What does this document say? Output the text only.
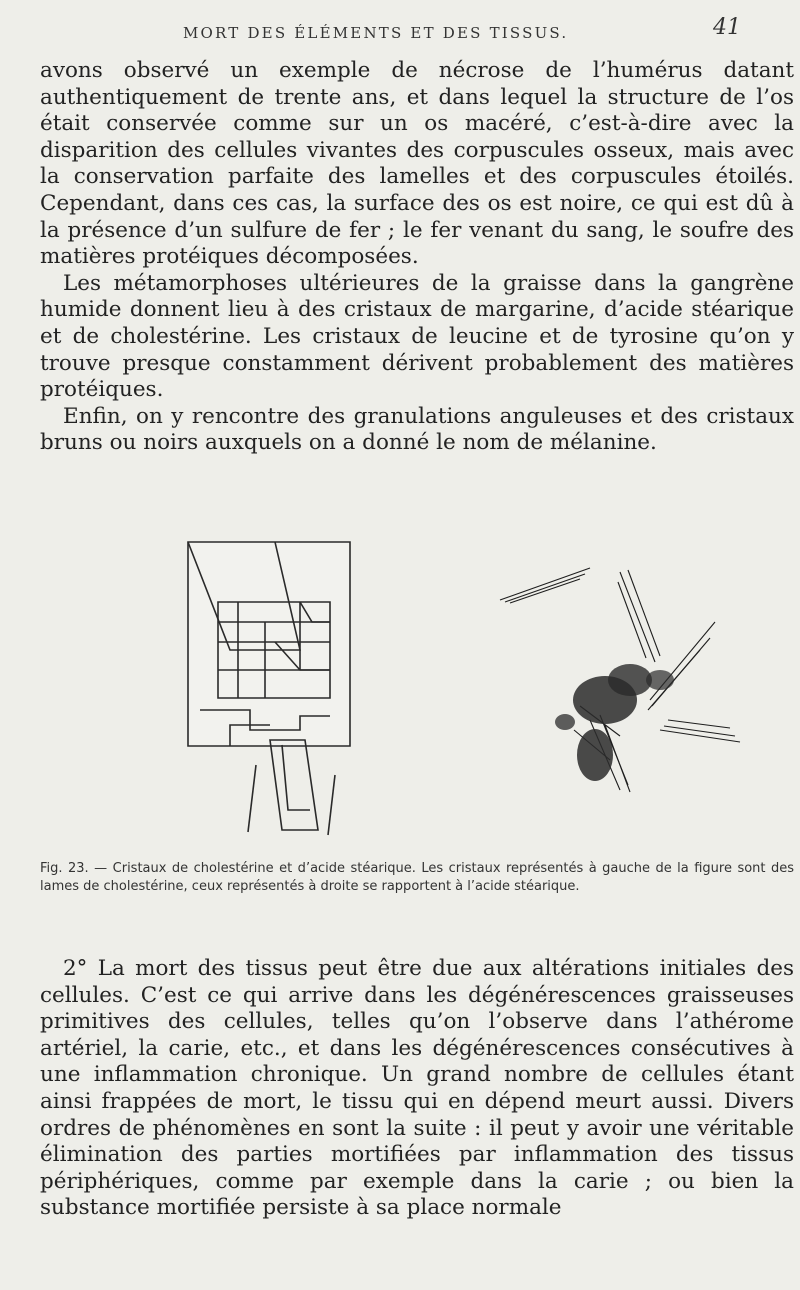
MORT DES ÉLÉMENTS ET DES TISSUS.	41

avons observé un exemple de nécrose de l’humérus datant authentiquement de trente ans, et dans lequel la structure de l’os était conservée comme sur un os macéré, c’est-à-dire avec la disparition des cellules vivantes des corpuscules osseux, mais avec la conservation parfaite des lamelles et des corpuscules étoilés. Cependant, dans ces cas, la surface des os est noire, ce qui est dû à la présence d’un sulfure de fer ; le fer venant du sang, le soufre des matières protéiques décomposées.

Les métamorphoses ultérieures de la graisse dans la gangrène humide donnent lieu à des cristaux de margarine, d’acide stéarique et de cholestérine. Les cristaux de leucine et de tyrosine qu’on y trouve presque constamment dérivent probablement des matières protéiques.

Enfin, on y rencontre des granulations anguleuses et des cristaux bruns ou noirs auxquels on a donné le nom de mélanine.

Fig. 23. — Cristaux de cholestérine et d’acide stéarique. Les cristaux représentés à gauche de la figure sont des lames de cholestérine, ceux représentés à droite se rapportent à l’acide stéarique.

2° La mort des tissus peut être due aux altérations initiales des cellules. C’est ce qui arrive dans les dégénérescences graisseuses primitives des cellules, telles qu’on l’observe dans l’athérome artériel, la carie, etc., et dans les dégénérescences consécutives à une inflammation chronique. Un grand nombre de cellules étant ainsi frappées de mort, le tissu qui en dépend meurt aussi. Divers ordres de phénomènes en sont la suite : il peut y avoir une véritable élimination des parties mortifiées par inflammation des tissus périphériques, comme par exemple dans la carie ; ou bien la substance mortifiée persiste à sa place normale
